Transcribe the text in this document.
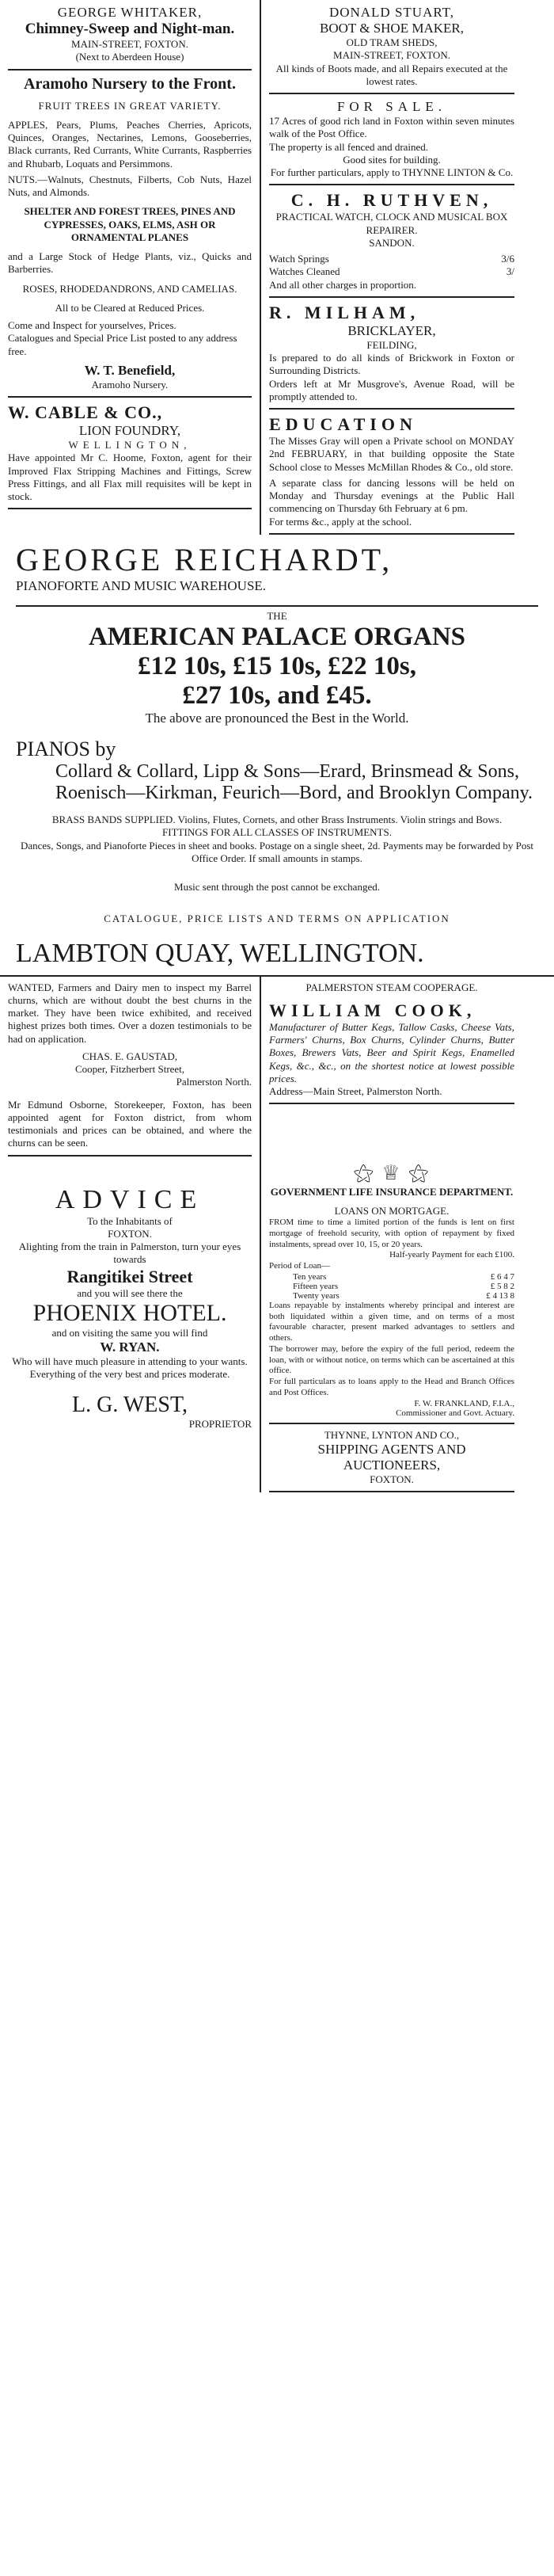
GEORGE WHITAKER,
Chimney-Sweep and Night-man.
MAIN-STREET, FOXTON.
(Next to Aberdeen House)
Aramoho Nursery to the Front.
FRUIT TREES IN GREAT VARIETY.
APPLES, Pears, Plums, Peaches Cherries, Apricots, Quinces, Oranges, Nectarines, Lemons, Gooseberries, Black currants, Red Currants, White Currants, Raspberries and Rhubarb, Loquats and Persimmons.
NUTS.—Walnuts, Chestnuts, Filberts, Cob Nuts, Hazel Nuts, and Almonds.
SHELTER AND FOREST TREES, PINES AND CYPRESSES, OAKS, ELMS, ASH OR ORNAMENTAL PLANES
and a Large Stock of Hedge Plants, viz., Quicks and Barberries.
ROSES, RHODEDANDRONS, AND CAMELIAS.
All to be Cleared at Reduced Prices.
Come and Inspect for yourselves, Prices.
Catalogues and Special Price List posted to any address free.
W. T. Benefield,
Aramoho Nursery.
W. CABLE & CO.,
LION FOUNDRY,
WELLINGTON,
Have appointed Mr C. Hoome, Foxton, agent for their Improved Flax Stripping Machines and Fittings, Screw Press Fittings, and all Flax mill requisites will be kept in stock.
DONALD STUART,
BOOT & SHOE MAKER,
OLD TRAM SHEDS,
MAIN-STREET, FOXTON.
All kinds of Boots made, and all Repairs executed at the lowest rates.
FOR SALE.
17 Acres of good rich land in Foxton within seven minutes walk of the Post Office.
The property is all fenced and drained.
Good sites for building.
For further particulars, apply to THYNNE LINTON & Co.
C. H. RUTHVEN,
PRACTICAL WATCH, CLOCK AND MUSICAL BOX REPAIRER.
SANDON.
Watch Springs	3/6
Watches Cleaned	3/
And all other charges in proportion.
R. MILHAM,
BRICKLAYER,
FEILDING,
Is prepared to do all kinds of Brickwork in Foxton or Surrounding Districts.
Orders left at Mr Musgrove's, Avenue Road, will be promptly attended to.
EDUCATION
The Misses Gray will open a Private school on MONDAY 2nd FEBRUARY, in that building opposite the State School close to Messes McMillan Rhodes & Co., old store.
A separate class for dancing lessons will be held on Monday and Thursday evenings at the Public Hall commencing on Thursday 6th February at 6 pm.
For terms &c., apply at the school.
GEORGE REICHARDT,
PIANOFORTE AND MUSIC WAREHOUSE.
THE
AMERICAN PALACE ORGANS
£12 10s, £15 10s, £22 10s,
£27 10s, and £45.
The above are pronounced the Best in the World.
PIANOS by
Collard & Collard, Lipp & Sons—Erard, Brinsmead & Sons, Roenisch—Kirkman, Feurich—Bord, and Brooklyn Company.
BRASS BANDS SUPPLIED. Violins, Flutes, Cornets, and other Brass Instruments. Violin strings and Bows.
FITTINGS FOR ALL CLASSES OF INSTRUMENTS.
Dances, Songs, and Pianoforte Pieces in sheet and books. Postage on a single sheet, 2d. Payments may be forwarded by Post Office Order. If small amounts in stamps.
Music sent through the post cannot be exchanged.
CATALOGUE, PRICE LISTS AND TERMS ON APPLICATION
LAMBTON QUAY, WELLINGTON.
WANTED, Farmers and Dairy men to inspect my Barrel churns, which are without doubt the best churns in the market. They have been twice exhibited, and received highest prizes both times. Over a dozen testimonials to be had on application.
CHAS. E. GAUSTAD,
Cooper, Fitzherbert Street,
Palmerston North.
Mr Edmund Osborne, Storekeeper, Foxton, has been appointed agent for Foxton district, from whom testimonials and prices can be obtained, and where the churns can be seen.
PALMERSTON STEAM COOPERAGE.
WILLIAM COOK,
Manufacturer of Butter Kegs, Tallow Casks, Cheese Vats, Farmers' Churns, Box Churns, Cylinder Churns, Butter Boxes, Brewers Vats, Beer and Spirit Kegs, Enamelled Kegs, &c., &c., on the shortest notice at lowest possible prices.
Address—Main Street, Palmerston North.
ADVICE
To the Inhabitants of
FOXTON.
Alighting from the train in Palmerston, turn your eyes towards
Rangitikei Street
and you will see there the
PHOENIX HOTEL.
and on visiting the same you will find
W. RYAN.
Who will have much pleasure in attending to your wants.
Everything of the very best and prices moderate.
L. G. WEST,
PROPRIETOR
⚝ ♕ ⚝
GOVERNMENT LIFE INSURANCE DEPARTMENT.
LOANS ON MORTGAGE.
FROM time to time a limited portion of the funds is lent on first mortgage of freehold security, with option of repayment by fixed instalments, spread over 10, 15, or 20 years.
Half-yearly Payment for each £100.
Period of Loan—
Ten years	£ 6 4 7
Fifteen years	£ 5 8 2
Twenty years	£ 4 13 8
Loans repayable by instalments whereby principal and interest are both liquidated within a given time, and on terms of a most favourable character, present marked advantages to settlers and others.
The borrower may, before the expiry of the full period, redeem the loan, with or without notice, on terms which can be ascertained at this office.
For full particulars as to loans apply to the Head and Branch Offices and Post Offices.
F. W. FRANKLAND, F.I.A.,
Commissioner and Govt. Actuary.
THYNNE, LYNTON AND CO.,
SHIPPING AGENTS AND AUCTIONEERS,
FOXTON.
